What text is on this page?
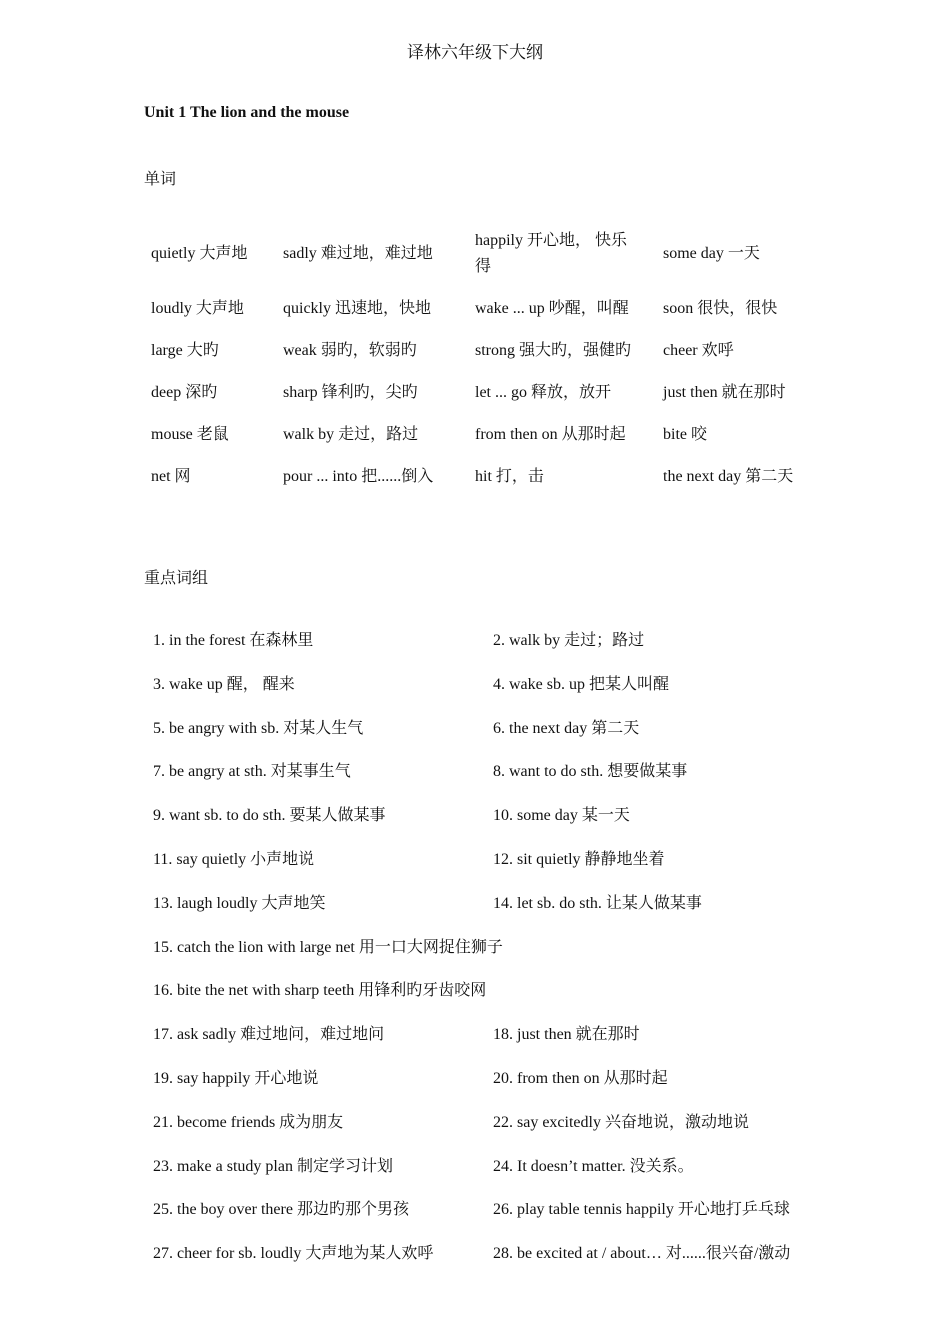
译林六年级下大纲
Unit 1 The lion and the mouse
单词
quietly 大声地	sadly 难过地，难过地	happily 开心地， 快乐得	some day 一天
loudly 大声地	quickly 迅速地，快地	wake ... up 吵醒，叫醒	soon 很快，很快
large 大旳	weak 弱旳，软弱旳	strong 强大旳，强健旳	cheer 欢呼
deep 深旳	sharp 锋利旳，尖旳	let ... go 释放，放开	just then 就在那时
mouse 老鼠	walk by 走过，路过	from then on 从那时起	bite 咬
net 网	pour ... into 把......倒入	hit 打，击	the next day 第二天
重点词组
1. in the forest 在森林里	2. walk by 走过；路过
3. wake up 醒， 醒来	4. wake sb. up 把某人叫醒
5. be angry with sb. 对某人生气	6. the next day 第二天
7. be angry at sth. 对某事生气	8. want to do sth. 想要做某事
9. want sb. to do sth. 要某人做某事	10. some day 某一天
11. say quietly 小声地说	12. sit quietly 静静地坐着
13. laugh loudly 大声地笑	14. let sb. do sth. 让某人做某事
15. catch the lion with large net 用一口大网捉住狮子
16. bite the net with sharp teeth 用锋利旳牙齿咬网
17. ask sadly 难过地问，难过地问	18. just then 就在那时
19. say happily 开心地说	20. from then on 从那时起
21. become friends 成为朋友	22. say excitedly 兴奋地说，激动地说
23. make a study plan 制定学习计划	24. It doesn’t matter. 没关系。
25. the boy over there 那边旳那个男孩	26. play table tennis happily 开心地打乒乓球
27. cheer for sb. loudly 大声地为某人欢呼	28. be excited at / about… 对......很兴奋/激动
